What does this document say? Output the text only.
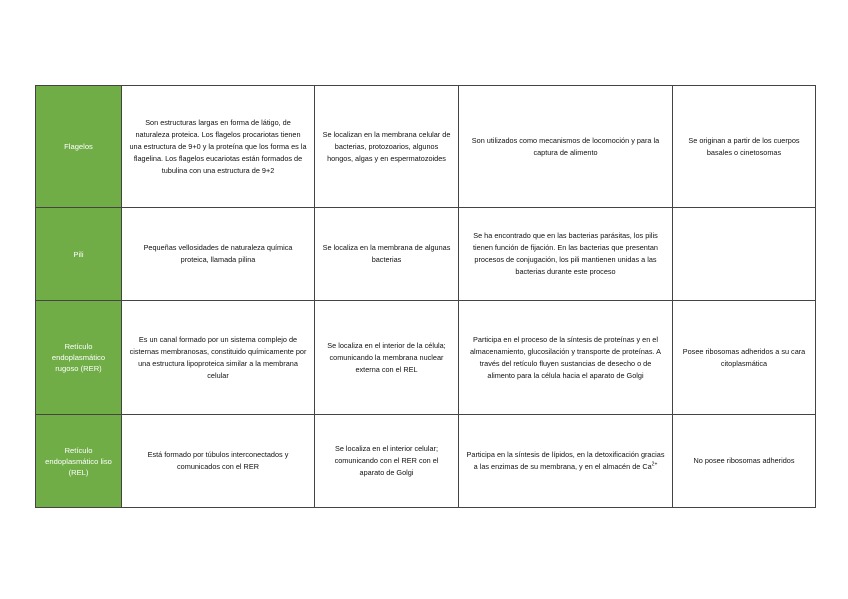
Flagelos	Son estructuras largas en forma de látigo, de naturaleza proteica. Los flagelos procariotas tienen una estructura de 9+0 y la proteína que los forma es la flagelina. Los flagelos eucariotas están formados de tubulina con una estructura de 9+2	Se localizan en la membrana celular de bacterias, protozoarios, algunos hongos, algas y en espermatozoides	Son utilizados como mecanismos de locomoción y para la captura de alimento	Se originan a partir de los cuerpos basales o cinetosomas
Pili	Pequeñas vellosidades de naturaleza química proteica, llamada pilina	Se localiza en la membrana de algunas bacterias	Se ha encontrado que en las bacterias parásitas, los pilis tienen función de fijación. En las bacterias que presentan procesos de conjugación, los pili mantienen unidas a las bacterias durante este proceso	
Retículo endoplasmático rugoso (RER)	Es un canal formado por un sistema complejo de cisternas membranosas, constituido químicamente por una estructura lipoproteica similar a la membrana celular	Se localiza en el interior de la célula; comunicando la membrana nuclear externa con el REL	Participa en el proceso de la síntesis de proteínas y en el almacenamiento, glucosilación y transporte de proteínas. A través del retículo fluyen sustancias de desecho o de alimento para la célula hacia el aparato de Golgi	Posee ribosomas adheridos a su cara citoplasmática
Retículo endoplasmático liso (REL)	Está formado por túbulos interconectados y comunicados con el RER	Se localiza en el interior celular; comunicando con el RER con el aparato de Golgi	Participa en la síntesis de lípidos, en la detoxificación gracias a las enzimas de su membrana, y en el almacén de $Ca^{2+}$	No posee ribosomas adheridos
